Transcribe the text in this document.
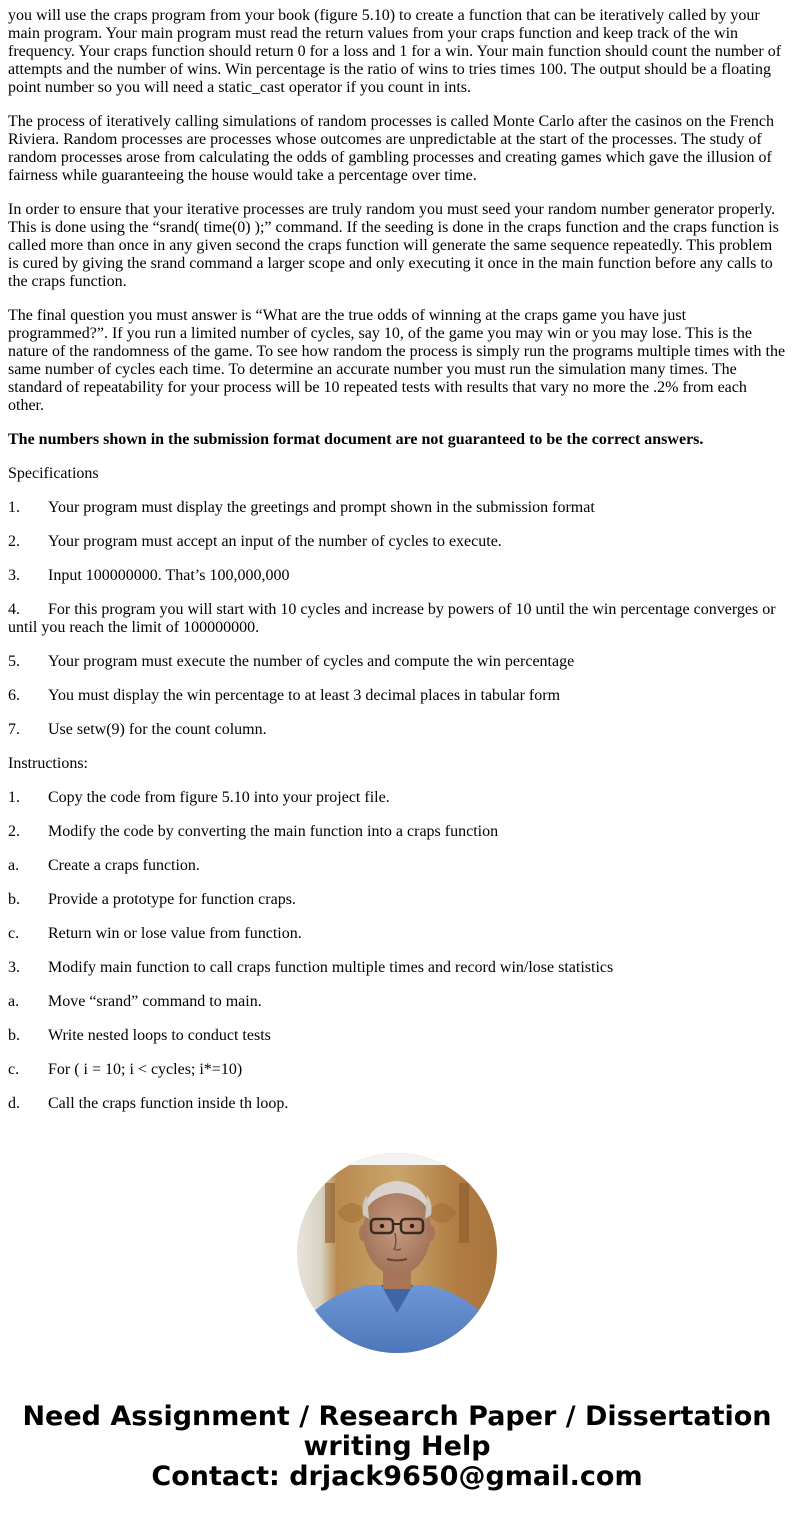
you will use the craps program from your book (figure 5.10) to create a function that can be iteratively called by your main program. Your main program must read the return values from your craps function and keep track of the win frequency. Your craps function should return 0 for a loss and 1 for a win. Your main function should count the number of attempts and the number of wins. Win percentage is the ratio of wins to tries times 100. The output should be a floating point number so you will need a static_cast operator if you count in ints.

The process of iteratively calling simulations of random processes is called Monte Carlo after the casinos on the French Riviera. Random processes are processes whose outcomes are unpredictable at the start of the processes. The study of random processes arose from calculating the odds of gambling processes and creating games which gave the illusion of fairness while guaranteeing the house would take a percentage over time.

In order to ensure that your iterative processes are truly random you must seed your random number generator properly. This is done using the “srand( time(0) );” command. If the seeding is done in the craps function and the craps function is called more than once in any given second the craps function will generate the same sequence repeatedly. This problem is cured by giving the srand command a larger scope and only executing it once in the main function before any calls to the craps function.

The final question you must answer is “What are the true odds of winning at the craps game you have just programmed?”. If you run a limited number of cycles, say 10, of the game you may win or you may lose. This is the nature of the randomness of the game. To see how random the process is simply run the programs multiple times with the same number of cycles each time. To determine an accurate number you must run the simulation many times. The standard of repeatability for your process will be 10 repeated tests with results that vary no more the .2% from each other.

The numbers shown in the submission format document are not guaranteed to be the correct answers.

Specifications

1. Your program must display the greetings and prompt shown in the submission format

2. Your program must accept an input of the number of cycles to execute.

3. Input 100000000. That’s 100,000,000

4. For this program you will start with 10 cycles and increase by powers of 10 until the win percentage converges or until you reach the limit of 100000000.

5. Your program must execute the number of cycles and compute the win percentage

6. You must display the win percentage to at least 3 decimal places in tabular form

7. Use setw(9) for the count column.

Instructions:

1. Copy the code from figure 5.10 into your project file.

2. Modify the code by converting the main function into a craps function

a. Create a craps function.

b. Provide a prototype for function craps.

c. Return win or lose value from function.

3. Modify main function to call craps function multiple times and record win/lose statistics

a. Move “srand” command to main.

b. Write nested loops to conduct tests

c. For ( i = 10; i < cycles; i*=10)

d. Call the craps function inside th loop.

Need Assignment / Research Paper / Dissertation
writing Help
Contact: drjack9650@gmail.com
